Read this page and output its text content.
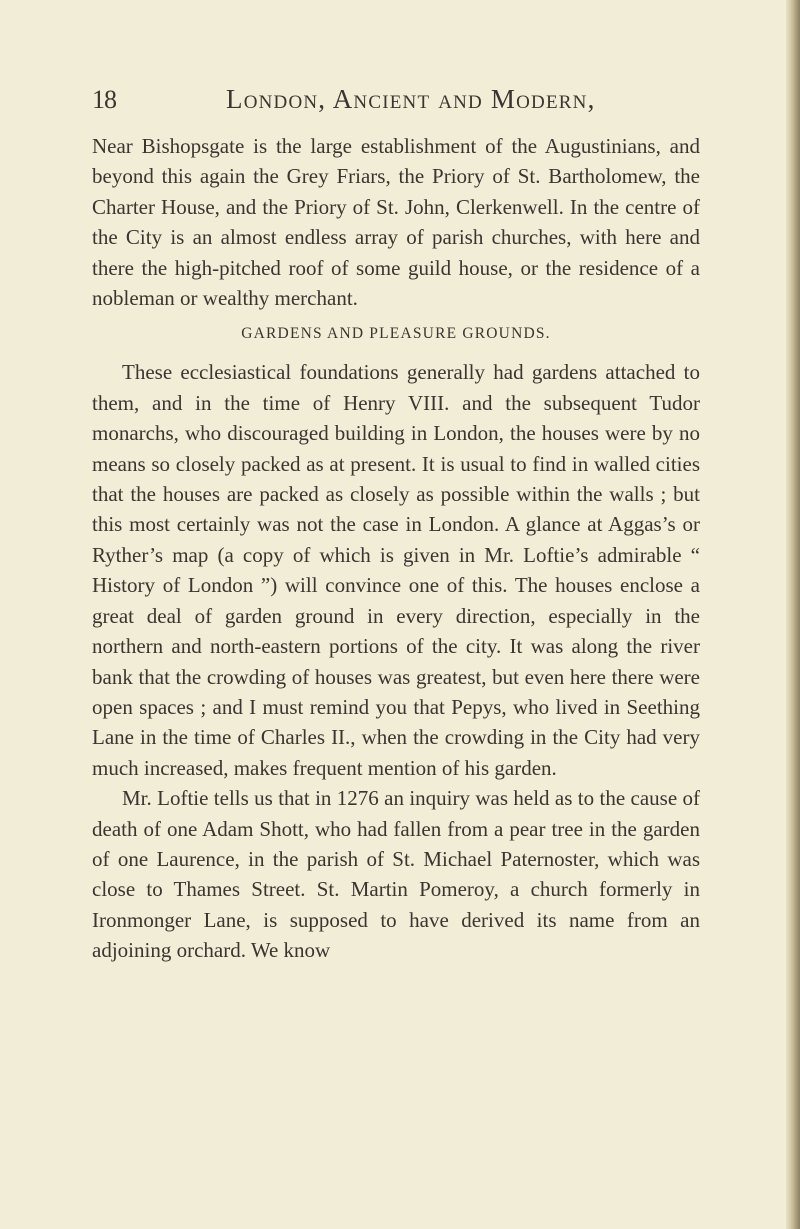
18	London, Ancient and Modern,

Near Bishopsgate is the large establishment of the Augustinians, and beyond this again the Grey Friars, the Priory of St. Bartholomew, the Charter House, and the Priory of St. John, Clerkenwell. In the centre of the City is an almost endless array of parish churches, with here and there the high-pitched roof of some guild house, or the residence of a nobleman or wealthy merchant.

GARDENS AND PLEASURE GROUNDS.

These ecclesiastical foundations generally had gardens attached to them, and in the time of Henry VIII. and the subsequent Tudor monarchs, who discouraged building in London, the houses were by no means so closely packed as at present. It is usual to find in walled cities that the houses are packed as closely as possible within the walls ; but this most certainly was not the case in London. A glance at Aggas’s or Ryther’s map (a copy of which is given in Mr. Loftie’s admirable “ History of London ”) will convince one of this. The houses enclose a great deal of garden ground in every direction, especially in the northern and north-eastern portions of the city. It was along the river bank that the crowding of houses was greatest, but even here there were open spaces ; and I must remind you that Pepys, who lived in Seething Lane in the time of Charles II., when the crowding in the City had very much increased, makes frequent mention of his garden.

Mr. Loftie tells us that in 1276 an inquiry was held as to the cause of death of one Adam Shott, who had fallen from a pear tree in the garden of one Laurence, in the parish of St. Michael Paternoster, which was close to Thames Street. St. Martin Pomeroy, a church formerly in Ironmonger Lane, is supposed to have derived its name from an adjoining orchard. We know
